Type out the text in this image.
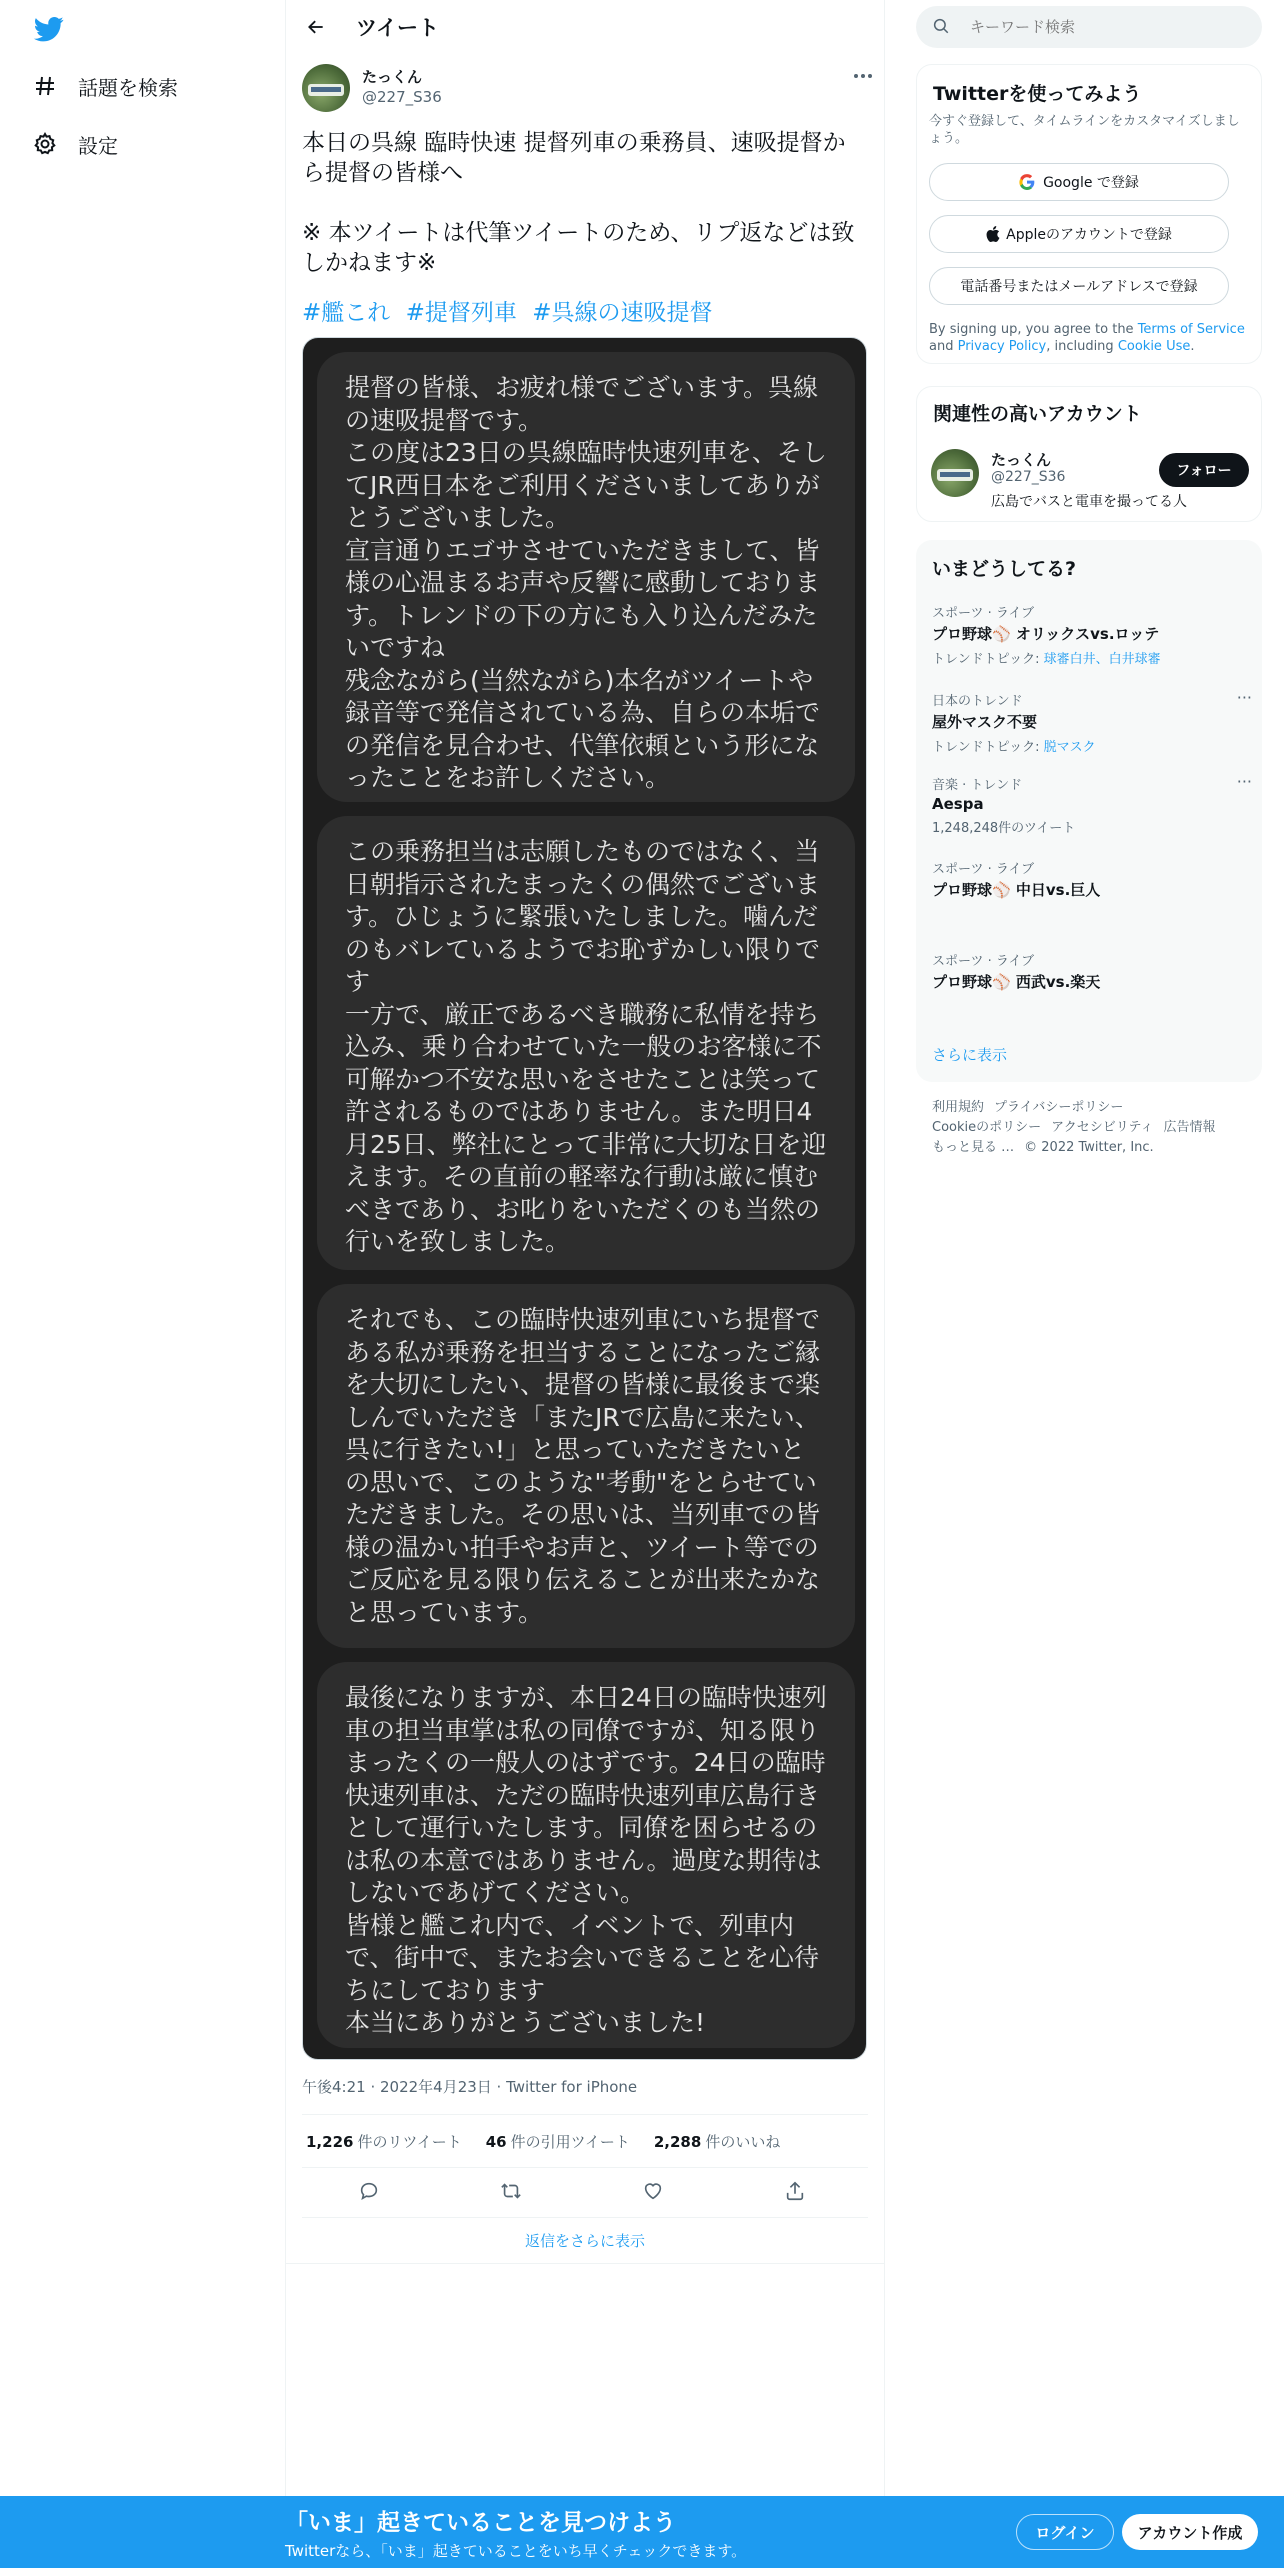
話題を検索
設定
ツイート
たっくん
@227_S36

本日の呉線 臨時快速 提督列車の乗務員、速吸提督から提督の皆様へ

※ 本ツイートは代筆ツイートのため、リプ返などは致しかねます※

#艦これ #提督列車 #呉線の速吸提督

提督の皆様、お疲れ様でございます。呉線の速吸提督です。

この度は23日の呉線臨時快速列車を、そしてJR西日本をご利用くださいましてありがとうございました。

宣言通りエゴサさせていただきまして、皆様の心温まるお声や反響に感動しております。トレンドの下の方にも入り込んだみたいですね

残念ながら(当然ながら)本名がツイートや録音等で発信されている為、自らの本垢での発信を見合わせ、代筆依頼という形になったことをお許しください。

この乗務担当は志願したものではなく、当日朝指示されたまったくの偶然でございます。ひじょうに緊張いたしました。噛んだのもバレているようでお恥ずかしい限りです

一方で、厳正であるべき職務に私情を持ち込み、乗り合わせていた一般のお客様に不可解かつ不安な思いをさせたことは笑って許されるものではありません。また明日4月25日、弊社にとって非常に大切な日を迎えます。その直前の軽率な行動は厳に慎むべきであり、お叱りをいただくのも当然の行いを致しました。

それでも、この臨時快速列車にいち提督である私が乗務を担当することになったご縁を大切にしたい、提督の皆様に最後まで楽しんでいただき「またJRで広島に来たい、呉に行きたい!」と思っていただきたいとの思いで、このような"考動"をとらせていただきました。その思いは、当列車での皆様の温かい拍手やお声と、ツイート等でのご反応を見る限り伝えることが出来たかなと思っています。

最後になりますが、本日24日の臨時快速列車の担当車掌は私の同僚ですが、知る限りまったくの一般人のはずです。24日の臨時快速列車は、ただの臨時快速列車広島行きとして運行いたします。同僚を困らせるのは私の本意ではありません。過度な期待はしないであげてください。

皆様と艦これ内で、イベントで、列車内で、街中で、またお会いできることを心待ちにしております

本当にありがとうございました!

午後4:21 · 2022年4月23日 · Twitter for iPhone
1,226 件のリツイート 46 件の引用ツイート 2,288 件のいいね
返信をさらに表示
キーワード検索
Twitterを使ってみよう
今すぐ登録して、タイムラインをカスタマイズしましょう。
Google で登録
Appleのアカウントで登録
電話番号またはメールアドレスで登録
By signing up, you agree to the Terms of Service and Privacy Policy, including Cookie Use.
関連性の高いアカウント
たっくん
@227_S36
広島でバスと電車を撮ってる人
フォロー
いまどうしてる?
スポーツ · ライブ
プロ野球⚾ オリックスvs.ロッテ
トレンドトピック: 球審白井、白井球審
···
日本のトレンド
屋外マスク不要
トレンドトピック: 脱マスク
···
音楽 · トレンド
Aespa
1,248,248件のツイート
スポーツ · ライブ
プロ野球⚾ 中日vs.巨人
スポーツ · ライブ
プロ野球⚾ 西武vs.楽天
さらに表示
利用規約 プライバシーポリシー
Cookieのポリシー アクセシビリティ 広告情報
もっと見る … © 2022 Twitter, Inc.
「いま」起きていることを見つけよう
Twitterなら、「いま」起きていることをいち早くチェックできます。
ログイン	アカウント作成
